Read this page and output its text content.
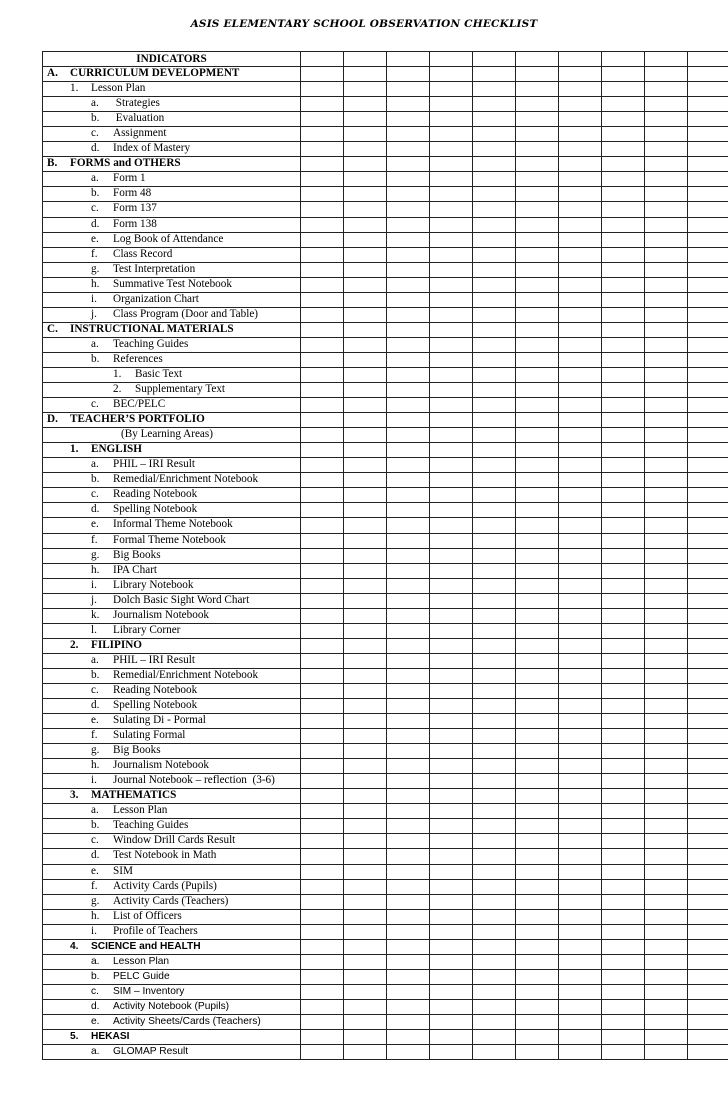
ASIS ELEMENTARY SCHOOL OBSERVATION CHECKLIST
INDICATORS										

A. CURRICULUM DEVELOPMENT										

1. Lesson Plan										

a. Strategies										

b. Evaluation										

c. Assignment										

d. Index of Mastery										

B. FORMS and OTHERS										

a. Form 1										

b. Form 48										

c. Form 137										

d. Form 138										

e. Log Book of Attendance										

f. Class Record										

g. Test Interpretation										

h. Summative Test Notebook										

i. Organization Chart										

j. Class Program (Door and Table)										

C. INSTRUCTIONAL MATERIALS										

a. Teaching Guides										

b. References										

1. Basic Text										

2. Supplementary Text										

c. BEC/PELC										

D. TEACHER’S PORTFOLIO										

(By Learning Areas)										

1. ENGLISH										

a. PHIL – IRI Result										

b. Remedial/Enrichment Notebook										

c. Reading Notebook										

d. Spelling Notebook										

e. Informal Theme Notebook										

f. Formal Theme Notebook										

g. Big Books										

h. IPA Chart										

i. Library Notebook										

j. Dolch Basic Sight Word Chart										

k. Journalism Notebook										

l. Library Corner										

2. FILIPINO										

a. PHIL – IRI Result										

b. Remedial/Enrichment Notebook										

c. Reading Notebook										

d. Spelling Notebook										

e. Sulating Di - Pormal										

f. Sulating Formal										

g. Big Books										

h. Journalism Notebook										

i. Journal Notebook – reflection  (3-6)										

3. MATHEMATICS										

a. Lesson Plan										

b. Teaching Guides										

c. Window Drill Cards Result										

d. Test Notebook in Math										

e. SIM										

f. Activity Cards (Pupils)										

g. Activity Cards (Teachers)										

h. List of Officers										

i. Profile of Teachers										

4. SCIENCE and HEALTH										

a. Lesson Plan										

b. PELC Guide										

c. SIM – Inventory										

d. Activity Notebook (Pupils)										

e. Activity Sheets/Cards (Teachers)										

5. HEKASI										

a. GLOMAP Result										
